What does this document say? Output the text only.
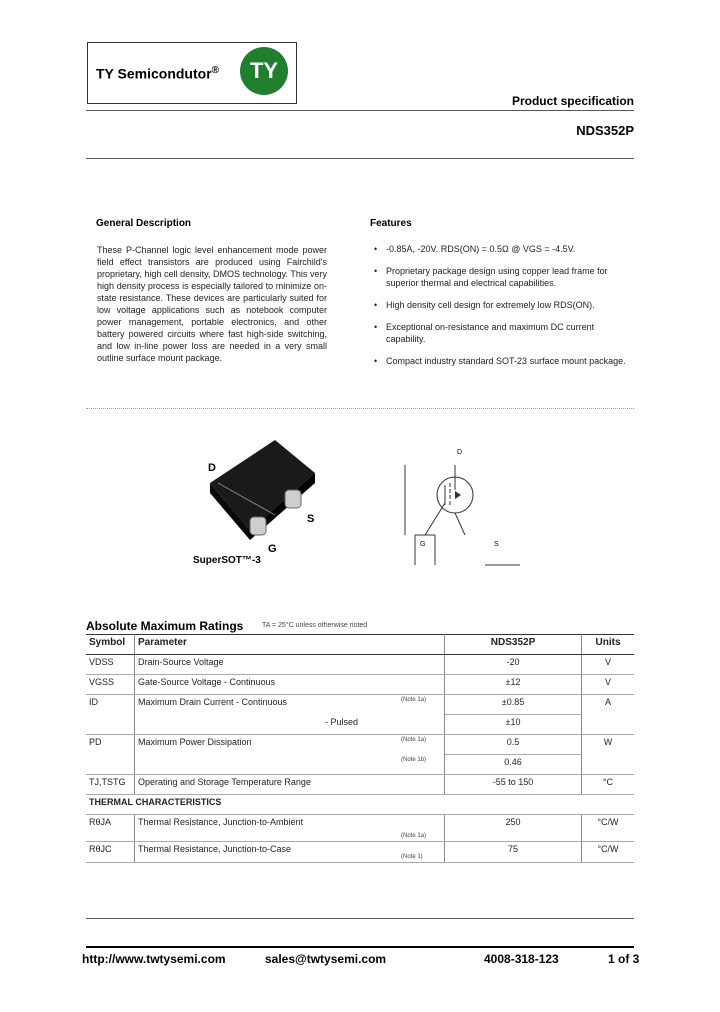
TY Semicondutor®	TY
Product specification
NDS352P
General Description
These P-Channel logic level enhancement mode power field effect transistors are produced using Fairchild's proprietary, high cell density, DMOS technology. This very high density process is especially tailored to minimize on-state resistance. These devices are particularly suited for low voltage applications such as notebook computer power management, portable electronics, and other battery powered circuits where fast high-side switching, and low in-line power loss are needed in a very small outline surface mount package.
Features
• -0.85A, -20V. RDS(ON) = 0.5Ω @ VGS = -4.5V.
• Proprietary package design using copper lead frame for superior thermal and electrical capabilities.
• High density cell design for extremely low RDS(ON).
• Exceptional on-resistance and maximum DC current capability.
• Compact industry standard SOT-23 surface mount package.
D
S
G
SuperSOT™-3
D
G	S
Absolute Maximum Ratings	TA = 25°C unless otherwise noted
Symbol	Parameter		NDS352P	Units
VDSS	Drain-Source Voltage		-20	V
VGSS	Gate-Source Voltage - Continuous		±12	V
ID	Maximum Drain Current - Continuous	(Note 1a)	±0.85	A
	- Pulsed		±10	
PD	Maximum Power Dissipation	(Note 1a)	0.5	W
		(Note 1b)	0.46	
TJ,TSTG	Operating and Storage Temperature Range		-55 to 150	°C
THERMAL CHARACTERISTICS				
RθJA	Thermal Resistance, Junction-to-Ambient	(Note 1a)	250	°C/W
RθJC	Thermal Resistance, Junction-to-Case	(Note 1)	75	°C/W
http://www.twtysemi.com	sales@twtysemi.com	4008-318-123	1 of 3
